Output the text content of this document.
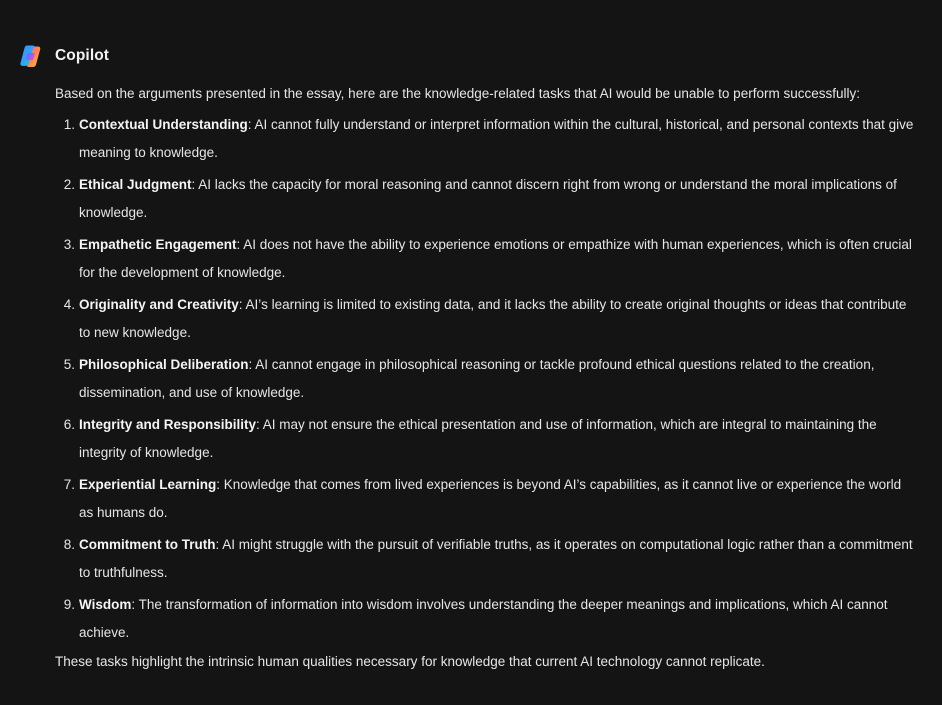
Copilot

Based on the arguments presented in the essay, here are the knowledge-related tasks that AI would be unable to perform successfully:

1. Contextual Understanding: AI cannot fully understand or interpret information within the cultural, historical, and personal contexts that give meaning to knowledge.
2. Ethical Judgment: AI lacks the capacity for moral reasoning and cannot discern right from wrong or understand the moral implications of knowledge.
3. Empathetic Engagement: AI does not have the ability to experience emotions or empathize with human experiences, which is often crucial for the development of knowledge.
4. Originality and Creativity: AI’s learning is limited to existing data, and it lacks the ability to create original thoughts or ideas that contribute to new knowledge.
5. Philosophical Deliberation: AI cannot engage in philosophical reasoning or tackle profound ethical questions related to the creation, dissemination, and use of knowledge.
6. Integrity and Responsibility: AI may not ensure the ethical presentation and use of information, which are integral to maintaining the integrity of knowledge.
7. Experiential Learning: Knowledge that comes from lived experiences is beyond AI’s capabilities, as it cannot live or experience the world as humans do.
8. Commitment to Truth: AI might struggle with the pursuit of verifiable truths, as it operates on computational logic rather than a commitment to truthfulness.
9. Wisdom: The transformation of information into wisdom involves understanding the deeper meanings and implications, which AI cannot achieve.

These tasks highlight the intrinsic human qualities necessary for knowledge that current AI technology cannot replicate.
